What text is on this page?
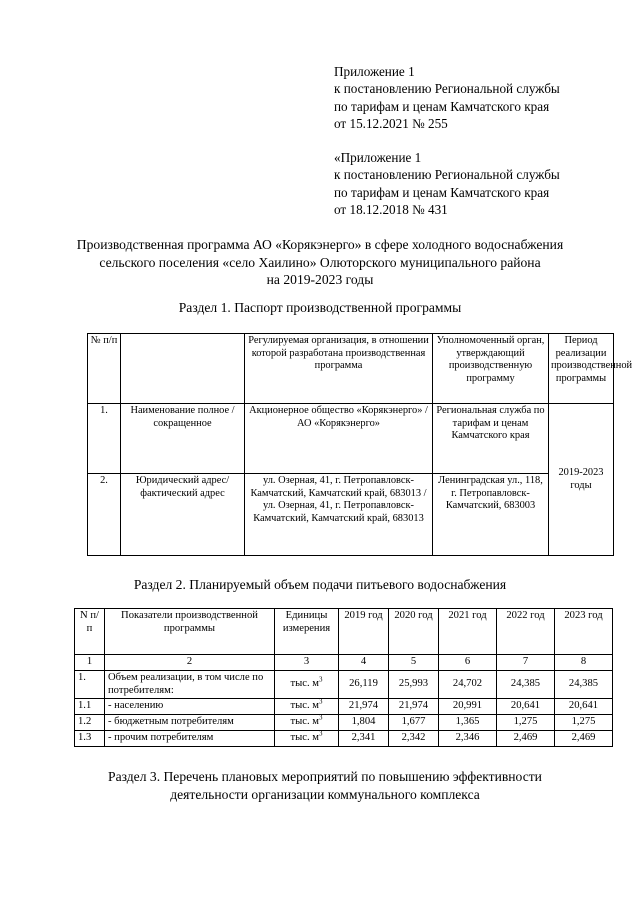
Приложение 1
к постановлению Региональной службы
по тарифам и ценам Камчатского края
от 15.12.2021 № 255
«Приложение 1
к постановлению Региональной службы
по тарифам и ценам Камчатского края
от 18.12.2018 № 431
Производственная программа АО «Корякэнерго» в сфере холодного водоснабжения
сельского поселения «село Хаилино» Олюторского муниципального района
на 2019-2023 годы
Раздел 1. Паспорт производственной программы
№ п/п		Регулируемая организация, в отношении которой разработана производственная программа	Уполномоченный орган, утверждающий производственную программу	Период реализации производственной программы
1.	Наименование полное / сокращенное	Акционерное общество «Корякэнерго» / АО «Корякэнерго»	Региональная служба по тарифам и ценам Камчатского края	2019-2023 годы
2.	Юридический адрес/фактический адрес	ул. Озерная, 41, г. Петропавловск-Камчатский, Камчатский край, 683013 / ул. Озерная, 41, г. Петропавловск-Камчатский, Камчатский край, 683013	Ленинградская ул., 118, г. Петропавловск-Камчатский, 683003	
Раздел 2. Планируемый объем подачи питьевого водоснабжения
N п/п	Показатели производственной программы	Единицы измерения	2019 год	2020 год	2021 год	2022 год	2023 год
1	2	3	4	5	6	7	8
1.	Объем реализации, в том числе по потребителям:	тыс. $м^3$	26,119	25,993	24,702	24,385	24,385
1.1	- населению	тыс. $м^3$	21,974	21,974	20,991	20,641	20,641
1.2	- бюджетным потребителям	тыс. $м^3$	1,804	1,677	1,365	1,275	1,275
1.3	- прочим потребителям	тыс. $м^3$	2,341	2,342	2,346	2,469	2,469
Раздел 3. Перечень плановых мероприятий по повышению эффективности
деятельности организации коммунального комплекса
